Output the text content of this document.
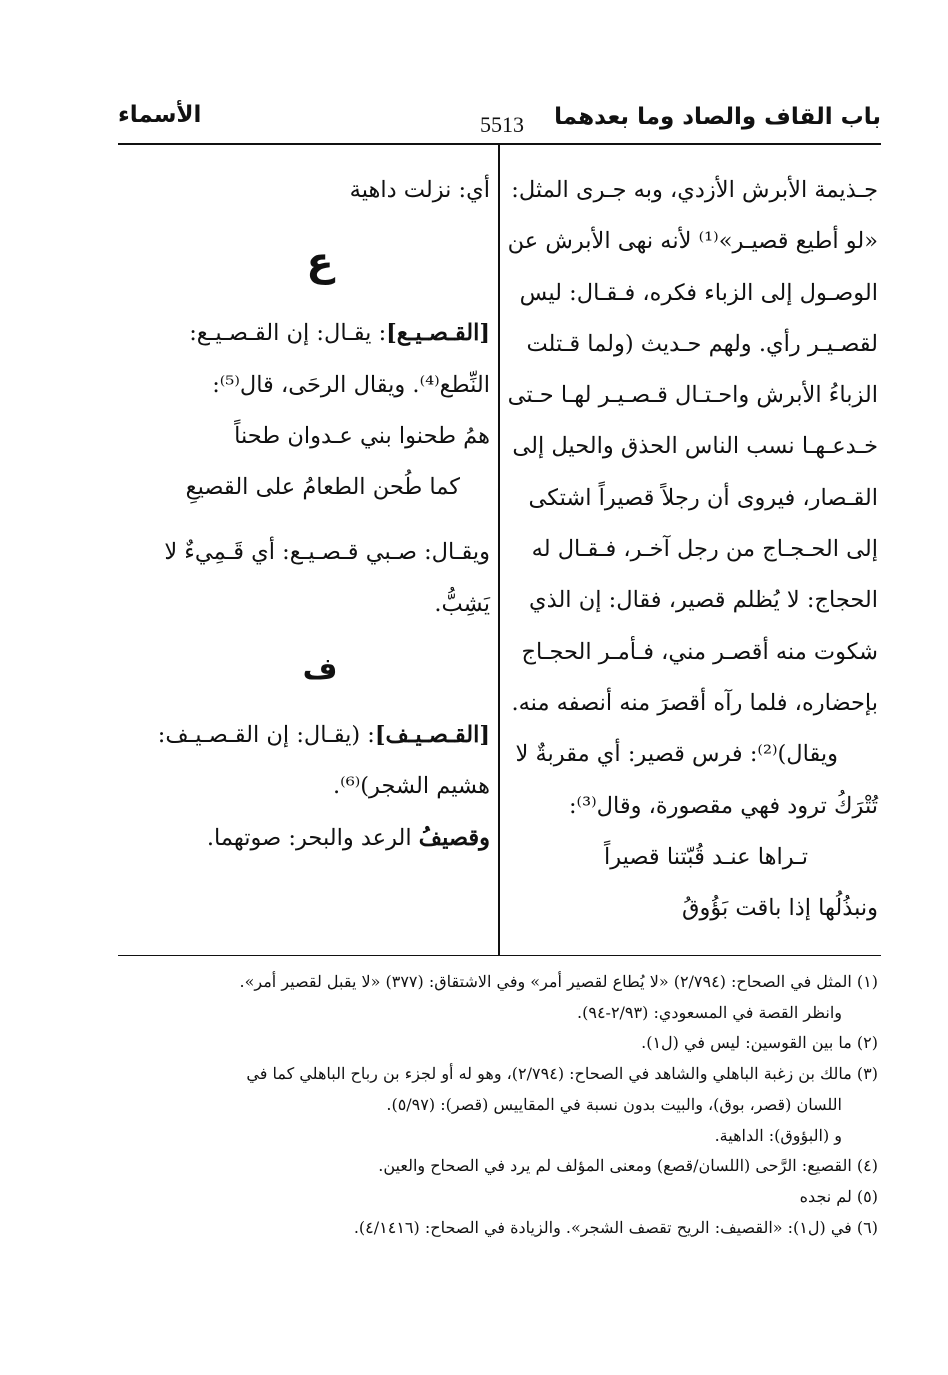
باب القاف والصاد وما بعدهما
5513
الأسماء
جـذيمة الأبرش الأزدي، وبه جـرى المثل:
«لو أطيع قصيـر»⁽¹⁾ لأنه نهى الأبرش عن
الوصـول إلى الزباء فكره، فـقـال: ليس
لقصـيـر رأي. ولهم حـديث (ولما قـتلت
الزباءُ الأبرش واحـتـال قـصـيـر لهـا حـتى
خـدعـهـا نسب الناس الحذق والحيل إلى
القـصار، فيروى أن رجلاً قصيراً اشتكى
إلى الحـجـاج من رجل آخـر، فـقـال له
الحجاج: لا يُظلم قصير، فقال: إن الذي
شكوت منه أقصـر مني، فـأمـر الحجـاج
بإحضاره، فلما رآه أقصرَ منه أنصفه منه.
ويقال)⁽²⁾: فرس قصير: أي مقربةٌ لا
تُتْرَكُ ترود فهي مقصورة، وقال⁽³⁾:
تـراها عنـد قُبّتنا قصيراً
ونبذُلُها إذا باقت بَؤُوقُ
أي: نزلت داهية
ع
[القـصـيـع]: يقـال: إن القـصـيـع:
النِّطع⁽⁴⁾. ويقال الرحَى، قال⁽⁵⁾:
همُ طحنوا بني عـدوان طحناً
كما طُحن الطعامُ على القصيعِ
ويقـال: صـبي قـصـيـع: أي قَـمِيءٌ لا
يَشِبُّ.
ف
[القـصـيـف]: (يقـال: إن القـصـيـف:
هشيم الشجر)⁽⁶⁾.
وقصيفُ الرعد والبحر: صوتهما.
(١) المثل في الصحاح: (٢/٧٩٤) «لا يُطاع لقصير أمر» وفي الاشتقاق: (٣٧٧) «لا يقبل لقصير أمر».
وانظر القصة في المسعودي: (٢/٩٣-٩٤).
(٢) ما بين القوسين: ليس في (ل١).
(٣) مالك بن زغبة الباهلي والشاهد في الصحاح: (٢/٧٩٤)، وهو له أو لجزء بن رباح الباهلي كما في
اللسان (قصر، بوق)، والبيت بدون نسبة في المقاييس (قصر): (٥/٩٧).
و (البؤوق): الداهية.
(٤) القصيع: الرَّحى (اللسان/قصع) ومعنى المؤلف لم يرد في الصحاح والعين.
(٥) لم نجده
(٦) في (ل١): «القصيف: الريح تقصف الشجر». والزيادة في الصحاح: (٤/١٤١٦).
